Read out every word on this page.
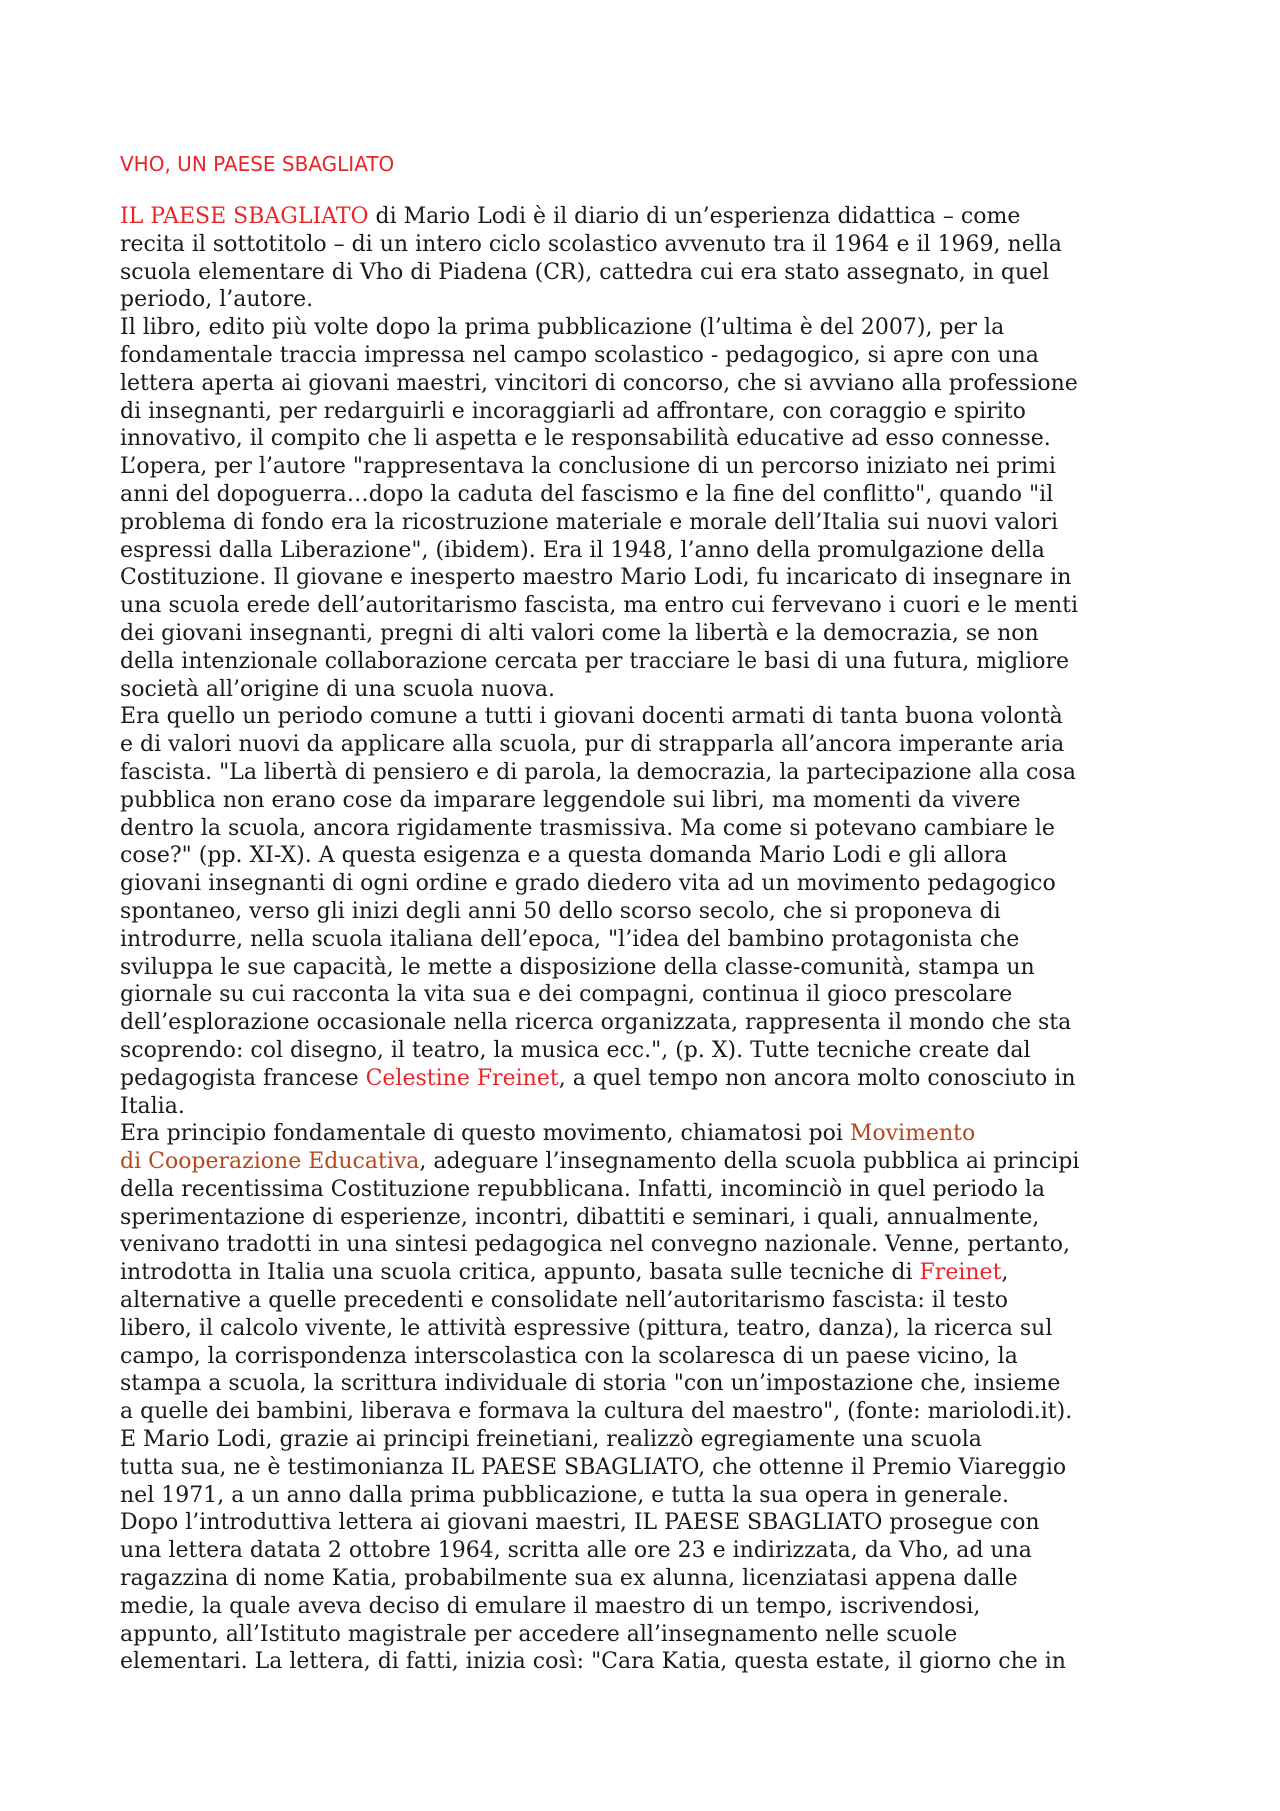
VHO, UN PAESE SBAGLIATO
IL PAESE SBAGLIATO di Mario Lodi è il diario di un’esperienza didattica – come
recita il sottotitolo – di un intero ciclo scolastico avvenuto tra il 1964 e il 1969, nella
scuola elementare di Vho di Piadena (CR), cattedra cui era stato assegnato, in quel
periodo, l’autore.
Il libro, edito più volte dopo la prima pubblicazione (l’ultima è del 2007), per la
fondamentale traccia impressa nel campo scolastico - pedagogico, si apre con una
lettera aperta ai giovani maestri, vincitori di concorso, che si avviano alla professione
di insegnanti, per redarguirli e incoraggiarli ad affrontare, con coraggio e spirito
innovativo, il compito che li aspetta e le responsabilità educative ad esso connesse.
L’opera, per l’autore "rappresentava la conclusione di un percorso iniziato nei primi
anni del dopoguerra…dopo la caduta del fascismo e la fine del conflitto", quando "il
problema di fondo era la ricostruzione materiale e morale dell’Italia sui nuovi valori
espressi dalla Liberazione", (ibidem). Era il 1948, l’anno della promulgazione della
Costituzione. Il giovane e inesperto maestro Mario Lodi, fu incaricato di insegnare in
una scuola erede dell’autoritarismo fascista, ma entro cui fervevano i cuori e le menti
dei giovani insegnanti, pregni di alti valori come la libertà e la democrazia, se non
della intenzionale collaborazione cercata per tracciare le basi di una futura, migliore
società all’origine di una scuola nuova.
Era quello un periodo comune a tutti i giovani docenti armati di tanta buona volontà
e di valori nuovi da applicare alla scuola, pur di strapparla all’ancora imperante aria
fascista. "La libertà di pensiero e di parola, la democrazia, la partecipazione alla cosa
pubblica non erano cose da imparare leggendole sui libri, ma momenti da vivere
dentro la scuola, ancora rigidamente trasmissiva. Ma come si potevano cambiare le
cose?" (pp. XI-X). A questa esigenza e a questa domanda Mario Lodi e gli allora
giovani insegnanti di ogni ordine e grado diedero vita ad un movimento pedagogico
spontaneo, verso gli inizi degli anni 50 dello scorso secolo, che si proponeva di
introdurre, nella scuola italiana dell’epoca, "l’idea del bambino protagonista che
sviluppa le sue capacità, le mette a disposizione della classe-comunità, stampa un
giornale su cui racconta la vita sua e dei compagni, continua il gioco prescolare
dell’esplorazione occasionale nella ricerca organizzata, rappresenta il mondo che sta
scoprendo: col disegno, il teatro, la musica ecc.", (p. X). Tutte tecniche create dal
pedagogista francese Celestine Freinet, a quel tempo non ancora molto conosciuto in
Italia.
Era principio fondamentale di questo movimento, chiamatosi poi Movimento
di Cooperazione Educativa, adeguare l’insegnamento della scuola pubblica ai principi
della recentissima Costituzione repubblicana. Infatti, incominciò in quel periodo la
sperimentazione di esperienze, incontri, dibattiti e seminari, i quali, annualmente,
venivano tradotti in una sintesi pedagogica nel convegno nazionale. Venne, pertanto,
introdotta in Italia una scuola critica, appunto, basata sulle tecniche di Freinet,
alternative a quelle precedenti e consolidate nell’autoritarismo fascista: il testo
libero, il calcolo vivente, le attività espressive (pittura, teatro, danza), la ricerca sul
campo, la corrispondenza interscolastica con la scolaresca di un paese vicino, la
stampa a scuola, la scrittura individuale di storia "con un’impostazione che, insieme
a quelle dei bambini, liberava e formava la cultura del maestro", (fonte: mariolodi.it).
E Mario Lodi, grazie ai principi freinetiani, realizzò egregiamente una scuola
tutta sua, ne è testimonianza IL PAESE SBAGLIATO, che ottenne il Premio Viareggio
nel 1971, a un anno dalla prima pubblicazione, e tutta la sua opera in generale.
Dopo l’introduttiva lettera ai giovani maestri, IL PAESE SBAGLIATO prosegue con
una lettera datata 2 ottobre 1964, scritta alle ore 23 e indirizzata, da Vho, ad una
ragazzina di nome Katia, probabilmente sua ex alunna, licenziatasi appena dalle
medie, la quale aveva deciso di emulare il maestro di un tempo, iscrivendosi,
appunto, all’Istituto magistrale per accedere all’insegnamento nelle scuole
elementari. La lettera, di fatti, inizia così: "Cara Katia, questa estate, il giorno che in
